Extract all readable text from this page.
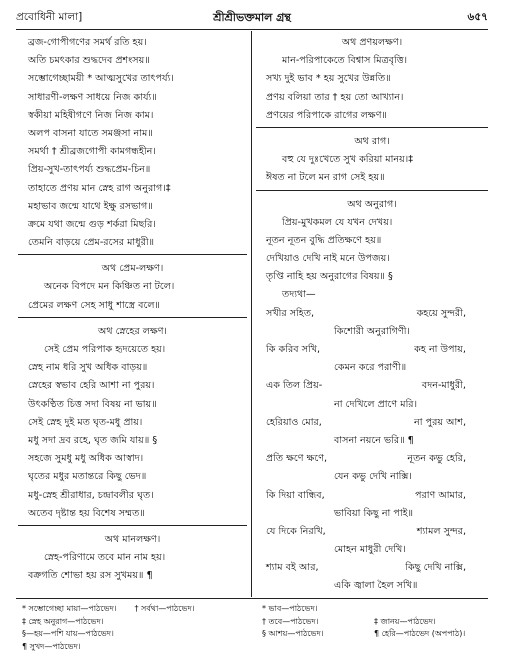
প্রবোধিনী মালা]	শ্রীশ্রীভক্তমাল গ্রন্থ	৬৫৭
ব্রজ-গোপীগণের সমর্থ রতি হয়।
অতি চমৎকার শুদ্ধদেব প্রশংসয়॥
সম্ভোগেচ্ছাময়ী * আত্মসুখের তাৎপর্য্য।
সাধারণী-লক্ষণ সাধয়ে নিজ কার্য্য॥
স্বকীয়া মহিষীগণে নিজ নিজ কাম।
অলপ বাসনা যাতে সমঞ্জসা নাম॥
সমর্থা † শ্রীব্রজগোপী কামগন্ধহীন।
প্রিয়-সুখ-তাৎপর্য্য শুদ্ধপ্রেম-চিন॥
তাহাতে প্রণয় মান স্নেহ রাগ অনুরাগ।‡
মহাভাব জন্মে যাথে ইক্ষু রসভাগ॥
ক্রমে যথা জন্মে গুড় শর্করা মিছরি।
তেমনি বাড়য়ে প্রেম-রসের মাধুরী॥
অথ প্রেম-লক্ষণ।
অনেক বিপদে মন কিঞ্চিত না টলে।
প্রেমের লক্ষণ সেহ সাধু শাস্ত্রে বলে॥
অথ স্নেহের লক্ষণ।
সেই প্রেম পরিপাক হৃদয়েতে হয়।
স্নেহ নাম ধরি সুখ অধিক বাড়য়॥
স্নেহের স্বভাব হেরি আশা না পুরয়।
উৎকণ্ঠিত চিত্ত সদা বিষয় না ভায়॥
সেই স্নেহ দুই মত ঘৃত-মধু প্রায়।
মধু সদা দ্রব রহে, ঘৃত জমি যায়॥ §
সহজে সুমধু মধু অধিক আস্বাদ।
ঘৃতের মধুর মতান্তরে কিছু ভেদ॥
মধু-স্নেহ শ্রীরাধার, চন্দ্রাবলীর ঘৃত।
অতেব দৃষ্টান্ত হয় বিশেষ সম্মত॥
অথ মানলক্ষণ।
স্নেহ-পরিণামে তবে মান নাম হয়।
বক্রগতি শোভা হয় রস সুখময়॥ ¶
অথ প্রণয়লক্ষণ।
মান-পরিপাকেতে বিশ্বাস মিত্রবৃত্তি।
সখ্য দুই ভাব * হয় সুখের উন্নতি॥
প্রণয় বলিয়া তার † হয় তো আখ্যান।
প্রণয়ের পরিপাকে রাগের লক্ষণ॥
অথ রাগ।
বহু যে দুঃখেতে সুখ করিয়া মানয়।‡
ঈষত না টলে মন রাগ সেই হয়॥
অথ অনুরাগ।
প্রিয়-মুখকমল যে যখন দেখয়।
নূতন নূতন বুদ্ধি প্রতিক্ষণে হয়॥
দেখিয়াও দেখি নাই মনে উপজয়।
তৃপ্তি নাহি হয় অনুরাগের বিষয়॥ §
তদ্যথা—
সখীর সহিত,	কহয়ে সুন্দরী,
কিশোরী অনুরাগিণী।
কি করিব সখি,	কহ না উপায়,
কেমন করে পরাণী॥
এক তিল প্রিয়-	বদন-মাধুরী,
না দেখিলে প্রাণে মরি।
হেরিয়াও মোর,	না পুরয় আশ,
বাসনা নয়নে ভরি॥ ¶
প্রতি ক্ষণে ক্ষণে,	নূতন কভু হেরি,
যেন কভু দেখি নাক্সি।
কি দিয়া বান্ধিব,	পরাণ আমার,
ভাবিয়া কিছু না পাই॥
যে দিকে নিরখি,	শ্যামল সুন্দর,
মোহন মাধুরী দেখি।
শ্যাম বই আর,	কিছু দেখি নাক্সি,
একি জ্বালা হৈল সখি॥
* সম্ভোগেচ্ছা মায়া—পাঠভেদ।	† সর্বথা—পাঠভেদ।
‡ স্নেহ অনুরাগ—পাঠভেদ।
§—হয়—পশি যায়—পাঠভেদ।
¶ সুখদ—পাঠভেদ।
* ভাব—পাঠভেদ।
† তবে—পাঠভেদ।	‡ জানয়—পাঠভেদ।
§ আশয়—পাঠভেদ।	¶ হেরি—পাঠভেদ (অপপাঠ)।
